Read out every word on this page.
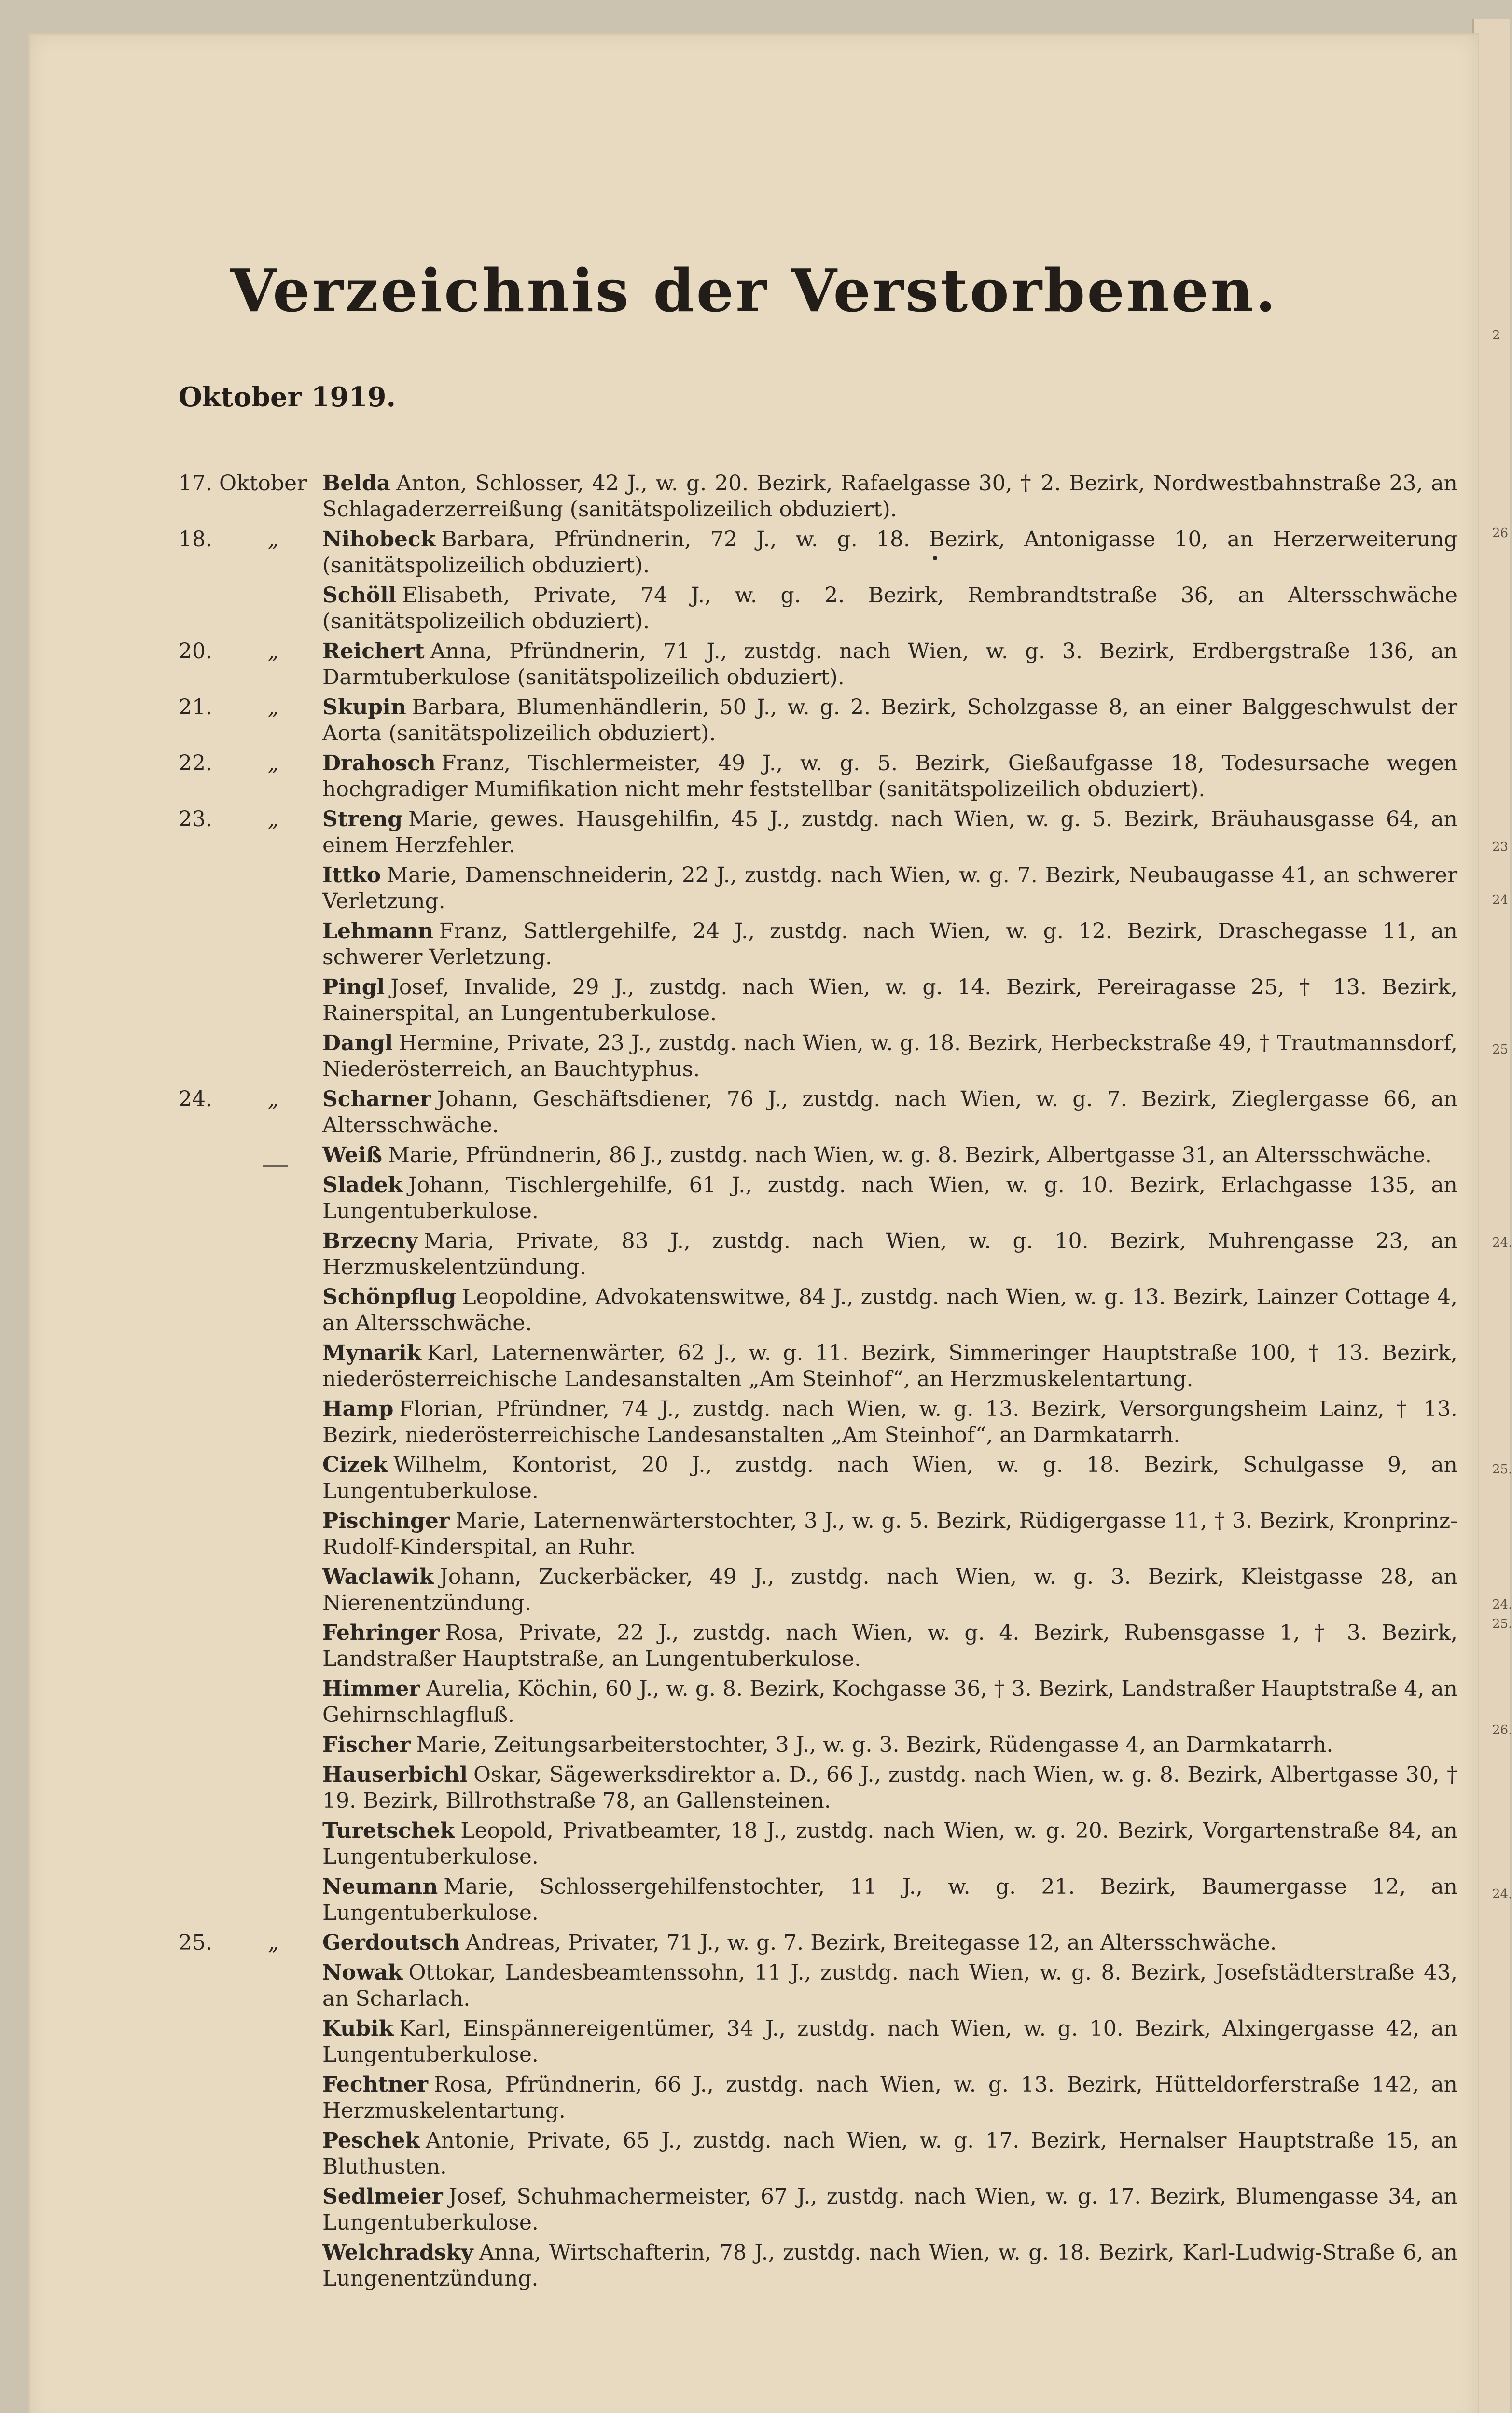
Verzeichnis der Verstorbenen.
Oktober 1919.
17. Oktober Belda Anton, Schlosser, 42 J., w. g. 20. Bezirk, Rafaelgasse 30, † 2. Bezirk, Nordwestbahnstraße 23, an Schlagaderzerreißung (sanitätspolizeilich obduziert).
18.	„ Nihobeck Barbara, Pfründnerin, 72 J., w. g. 18. Bezirk, Antonigasse 10, an Herzerweiterung (sanitätspolizeilich obduziert).
Schöll Elisabeth, Private, 74 J., w. g. 2. Bezirk, Rembrandtstraße 36, an Altersschwäche (sanitätspolizeilich obduziert).
20.	„ Reichert Anna, Pfründnerin, 71 J., zustdg. nach Wien, w. g. 3. Bezirk, Erdbergstraße 136, an Darmtuberkulose (sanitätspolizeilich obduziert).
21.	„ Skupin Barbara, Blumenhändlerin, 50 J., w. g. 2. Bezirk, Scholzgasse 8, an einer Balggeschwulst der Aorta (sanitätspolizeilich obduziert).
22.	„ Drahosch Franz, Tischlermeister, 49 J., w. g. 5. Bezirk, Gießaufgasse 18, Todesursache wegen hochgradiger Mumifikation nicht mehr feststellbar (sanitätspolizeilich obduziert).
23.	„ Streng Marie, gewes. Hausgehilfin, 45 J., zustdg. nach Wien, w. g. 5. Bezirk, Bräuhausgasse 64, an einem Herzfehler.
Ittko Marie, Damenschneiderin, 22 J., zustdg. nach Wien, w. g. 7. Bezirk, Neubaugasse 41, an schwerer Verletzung.
Lehmann Franz, Sattlergehilfe, 24 J., zustdg. nach Wien, w. g. 12. Bezirk, Draschegasse 11, an schwerer Verletzung.
Pingl Josef, Invalide, 29 J., zustdg. nach Wien, w. g. 14. Bezirk, Pereiragasse 25, † 13. Bezirk, Rainerspital, an Lungentuberkulose.
Dangl Hermine, Private, 23 J., zustdg. nach Wien, w. g. 18. Bezirk, Herbeckstraße 49, † Trautmannsdorf, Niederösterreich, an Bauchtyphus.
24.	„ Scharner Johann, Geschäftsdiener, 76 J., zustdg. nach Wien, w. g. 7. Bezirk, Zieglergasse 66, an Altersschwäche.
Weiß Marie, Pfründnerin, 86 J., zustdg. nach Wien, w. g. 8. Bezirk, Albertgasse 31, an Altersschwäche.
Sladek Johann, Tischlergehilfe, 61 J., zustdg. nach Wien, w. g. 10. Bezirk, Erlachgasse 135, an Lungentuberkulose.
Brzecny Maria, Private, 83 J., zustdg. nach Wien, w. g. 10. Bezirk, Muhrengasse 23, an Herzmuskelentzündung.
Schönpflug Leopoldine, Advokatenswitwe, 84 J., zustdg. nach Wien, w. g. 13. Bezirk, Lainzer Cottage 4, an Altersschwäche.
Mynarik Karl, Laternenwärter, 62 J., w. g. 11. Bezirk, Simmeringer Hauptstraße 100, † 13. Bezirk, niederösterreichische Landesanstalten „Am Steinhof“, an Herzmuskelentartung.
Hamp Florian, Pfründner, 74 J., zustdg. nach Wien, w. g. 13. Bezirk, Versorgungsheim Lainz, † 13. Bezirk, niederösterreichische Landesanstalten „Am Steinhof“, an Darmkatarrh.
Cizek Wilhelm, Kontorist, 20 J., zustdg. nach Wien, w. g. 18. Bezirk, Schulgasse 9, an Lungentuberkulose.
Pischinger Marie, Laternenwärterstochter, 3 J., w. g. 5. Bezirk, Rüdigergasse 11, † 3. Bezirk, Kronprinz-Rudolf-Kinderspital, an Ruhr.
Waclawik Johann, Zuckerbäcker, 49 J., zustdg. nach Wien, w. g. 3. Bezirk, Kleistgasse 28, an Nierenentzündung.
Fehringer Rosa, Private, 22 J., zustdg. nach Wien, w. g. 4. Bezirk, Rubensgasse 1, † 3. Bezirk, Landstraßer Hauptstraße, an Lungentuberkulose.
Himmer Aurelia, Köchin, 60 J., w. g. 8. Bezirk, Kochgasse 36, † 3. Bezirk, Landstraßer Hauptstraße 4, an Gehirnschlagfluß.
Fischer Marie, Zeitungsarbeiterstochter, 3 J., w. g. 3. Bezirk, Rüdengasse 4, an Darmkatarrh.
Hauserbichl Oskar, Sägewerksdirektor a. D., 66 J., zustdg. nach Wien, w. g. 8. Bezirk, Albertgasse 30, † 19. Bezirk, Billrothstraße 78, an Gallensteinen.
Turetschek Leopold, Privatbeamter, 18 J., zustdg. nach Wien, w. g. 20. Bezirk, Vorgartenstraße 84, an Lungentuberkulose.
Neumann Marie, Schlossergehilfenstochter, 11 J., w. g. 21. Bezirk, Baumergasse 12, an Lungentuberkulose.
25.	„ Gerdoutsch Andreas, Privater, 71 J., w. g. 7. Bezirk, Breitegasse 12, an Altersschwäche.
Nowak Ottokar, Landesbeamtenssohn, 11 J., zustdg. nach Wien, w. g. 8. Bezirk, Josefstädterstraße 43, an Scharlach.
Kubik Karl, Einspännereigentümer, 34 J., zustdg. nach Wien, w. g. 10. Bezirk, Alxingergasse 42, an Lungentuberkulose.
Fechtner Rosa, Pfründnerin, 66 J., zustdg. nach Wien, w. g. 13. Bezirk, Hütteldorferstraße 142, an Herzmuskelentartung.
Peschek Antonie, Private, 65 J., zustdg. nach Wien, w. g. 17. Bezirk, Hernalser Hauptstraße 15, an Bluthusten.
Sedlmeier Josef, Schuhmachermeister, 67 J., zustdg. nach Wien, w. g. 17. Bezirk, Blumengasse 34, an Lungentuberkulose.
Welchradsky Anna, Wirtschafterin, 78 J., zustdg. nach Wien, w. g. 18. Bezirk, Karl-Ludwig-Straße 6, an Lungenentzündung.
2
26
23
24
25
24.
25.
24.
25.
26.
24.
